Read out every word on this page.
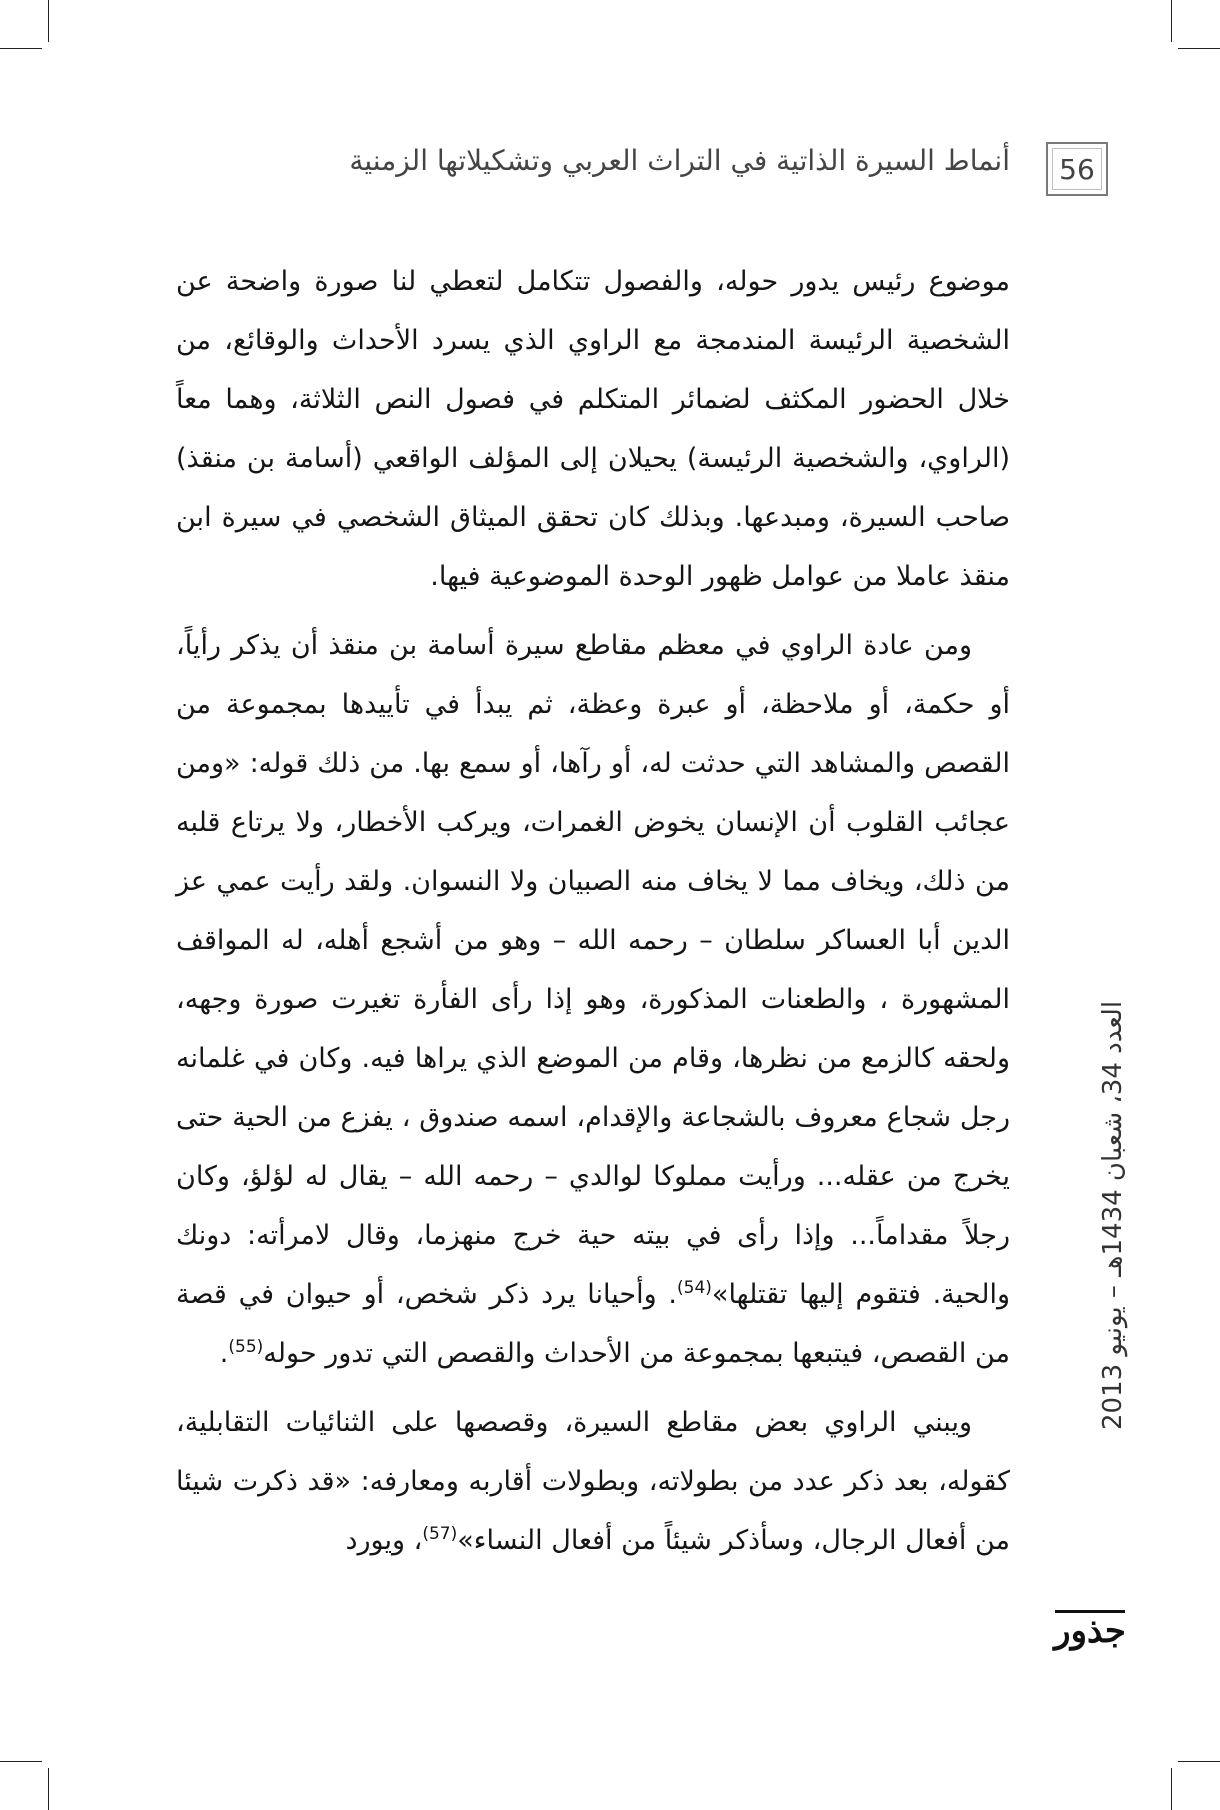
56
أنماط السيرة الذاتية في التراث العربي وتشكيلاتها الزمنية

موضوع رئيس يدور حوله، والفصول تتكامل لتعطي لنا صورة واضحة عن الشخصية الرئيسة المندمجة مع الراوي الذي يسرد الأحداث والوقائع، من خلال الحضور المكثف لضمائر المتكلم في فصول النص الثلاثة، وهما معاً (الراوي، والشخصية الرئيسة) يحيلان إلى المؤلف الواقعي (أسامة بن منقذ) صاحب السيرة، ومبدعها. وبذلك كان تحقق الميثاق الشخصي في سيرة ابن منقذ عاملا من عوامل ظهور الوحدة الموضوعية فيها.

ومن عادة الراوي في معظم مقاطع سيرة أسامة بن منقذ أن يذكر رأياً، أو حكمة، أو ملاحظة، أو عبرة وعظة، ثم يبدأ في تأييدها بمجموعة من القصص والمشاهد التي حدثت له، أو رآها، أو سمع بها. من ذلك قوله: «ومن عجائب القلوب أن الإنسان يخوض الغمرات، ويركب الأخطار، ولا يرتاع قلبه من ذلك، ويخاف مما لا يخاف منه الصبيان ولا النسوان. ولقد رأيت عمي عز الدين أبا العساكر سلطان – رحمه الله – وهو من أشجع أهله، له المواقف المشهورة ، والطعنات المذكورة، وهو إذا رأى الفأرة تغيرت صورة وجهه، ولحقه كالزمع من نظرها، وقام من الموضع الذي يراها فيه. وكان في غلمانه رجل شجاع معروف بالشجاعة والإقدام، اسمه صندوق ، يفزع من الحية حتى يخرج من عقله... ورأيت مملوكا لوالدي – رحمه الله – يقال له لؤلؤ، وكان رجلاً مقداماً... وإذا رأى في بيته حية خرج منهزما، وقال لامرأته: دونك والحية. فتقوم إليها تقتلها»$^{(54)}$. وأحيانا يرد ذكر شخص، أو حيوان في قصة من القصص، فيتبعها بمجموعة من الأحداث والقصص التي تدور حوله$^{(55)}$.

ويبني الراوي بعض مقاطع السيرة، وقصصها على الثنائيات التقابلية، كقوله، بعد ذكر عدد من بطولاته، وبطولات أقاربه ومعارفه: «قد ذكرت شيئا من أفعال الرجال، وسأذكر شيئاً من أفعال النساء»$^{(57)}$، ويورد

العدد 34، شعبان 1434هـ – يونيو 2013
جذور
